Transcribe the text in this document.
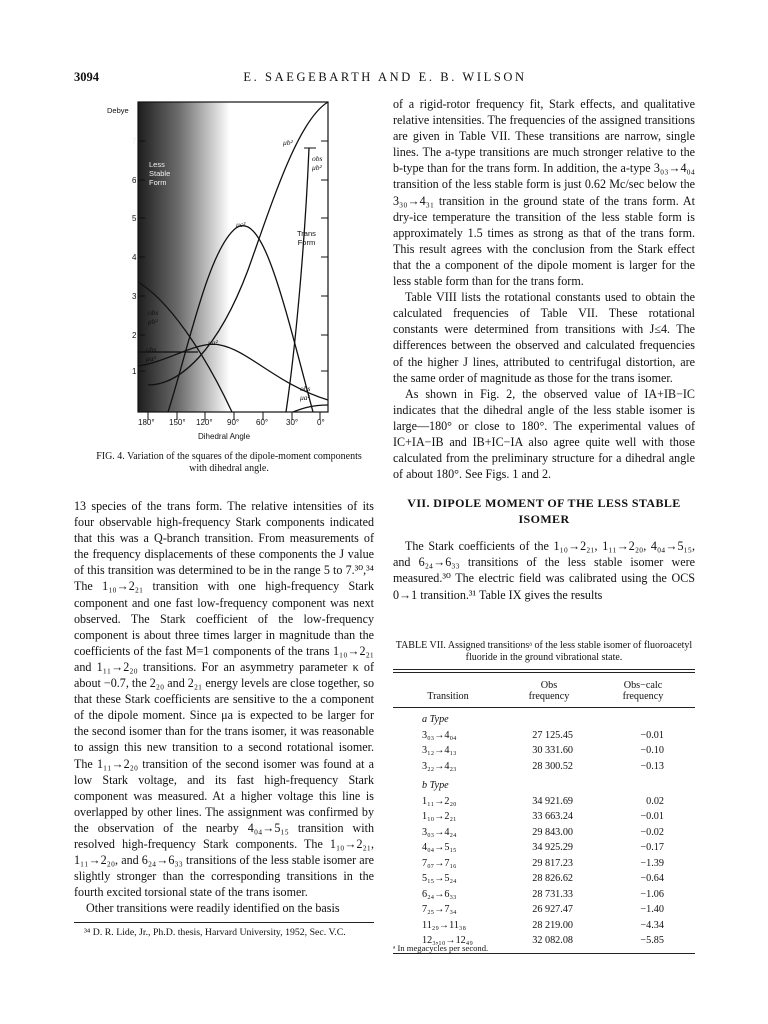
3094	E. SAEGEBARTH AND E. B. WILSON
Debye
7
6
5
4
3
2
1
180° 150° 120° 90° 60° 30° 0°
Dihedral Angle
Less
Stable
Form
Trans
Form
μb²
obs μb²
μc²
μa²
obs μb²
obs μa²
obs μa²
FIG. 4. Variation of the squares of the dipole-moment components with dihedral angle.

13 species of the trans form. The relative intensities of its four observable high-frequency Stark components indicated that this was a Q-branch transition. From measurements of the frequency displacements of these components the J value of this transition was determined to be in the range 5 to 7.³⁰,³⁴ The 1₁₀→2₂₁ transition with one high-frequency Stark component and one fast low-frequency component was next observed. The Stark coefficient of the low-frequency component is about three times larger in magnitude than the coefficients of the fast M=1 components of the trans 1₁₀→2₂₁ and 1₁₁→2₂₀ transitions. For an asymmetry parameter κ of about −0.7, the 2₂₀ and 2₂₁ energy levels are close together, so that these Stark coefficients are sensitive to the a component of the dipole moment. Since μa is expected to be larger for the second isomer than for the trans isomer, it was reasonable to assign this new transition to a second rotational isomer. The 1₁₁→2₂₀ transition of the second isomer was found at a low Stark voltage, and its fast high-frequency Stark component was measured. At a higher voltage this line is overlapped by other lines. The assignment was confirmed by the observation of the nearby 4₀₄→5₁₅ transition with resolved high-frequency Stark components. The 1₁₀→2₂₁, 1₁₁→2₂₀, and 6₂₄→6₃₃ transitions of the less stable isomer are slightly stronger than the corresponding transitions in the fourth excited torsional state of the trans isomer.

Other transitions were readily identified on the basis

³⁴ D. R. Lide, Jr., Ph.D. thesis, Harvard University, 1952, Sec. V.C.

of a rigid-rotor frequency fit, Stark effects, and qualitative relative intensities. The frequencies of the assigned transitions are given in Table VII. These transitions are narrow, single lines. The a-type transitions are much stronger relative to the b-type than for the trans form. In addition, the a-type 3₀₃→4₀₄ transition of the less stable form is just 0.62 Mc/sec below the 3₃₀→4₃₁ transition in the ground state of the trans form. At dry-ice temperature the transition of the less stable form is approximately 1.5 times as strong as that of the trans form. This result agrees with the conclusion from the Stark effect that the a component of the dipole moment is larger for the less stable form than for the trans form.

Table VIII lists the rotational constants used to obtain the calculated frequencies of Table VII. These rotational constants were determined from transitions with J≤4. The differences between the observed and calculated frequencies of the higher J lines, attributed to centrifugal distortion, are the same order of magnitude as those for the trans isomer.

As shown in Fig. 2, the observed value of IA+IB−IC indicates that the dihedral angle of the less stable isomer is large—180° or close to 180°. The experimental values of IC+IA−IB and IB+IC−IA also agree quite well with those calculated from the preliminary structure for a dihedral angle of about 180°. See Figs. 1 and 2.

VII. DIPOLE MOMENT OF THE LESS STABLE ISOMER

The Stark coefficients of the 1₁₀→2₂₁, 1₁₁→2₂₀, 4₀₄→5₁₅, and 6₂₄→6₃₃ transitions of the less stable isomer were measured.³⁰ The electric field was calibrated using the OCS 0→1 transition.³¹ Table IX gives the results

TABLE VII. Assigned transitionsᵃ of the less stable isomer of fluoroacetyl fluoride in the ground vibrational state.
Transition
Obs
frequency
Obs−calc
frequency
a Type
3₀₃→4₀₄	27 125.45	−0.01
3₁₂→4₁₃	30 331.60	−0.10
3₂₂→4₂₃	28 300.52	−0.13
b Type
1₁₁→2₂₀	34 921.69	0.02
1₁₀→2₂₁	33 663.24	−0.01
3₀₃→4₂₄	29 843.00	−0.02
4₀₄→5₁₅	34 925.29	−0.17
7₀₇→7₁₆	29 817.23	−1.39
5₁₅→5₂₄	28 826.62	−0.64
6₂₄→6₃₃	28 731.33	−1.06
7₂₅→7₃₄	26 927.47	−1.40
11₂₉→11₃₈	28 219.00	−4.34
12₃,₁₀→12₄₉	32 082.08	−5.85
ᵃ In megacycles per second.
